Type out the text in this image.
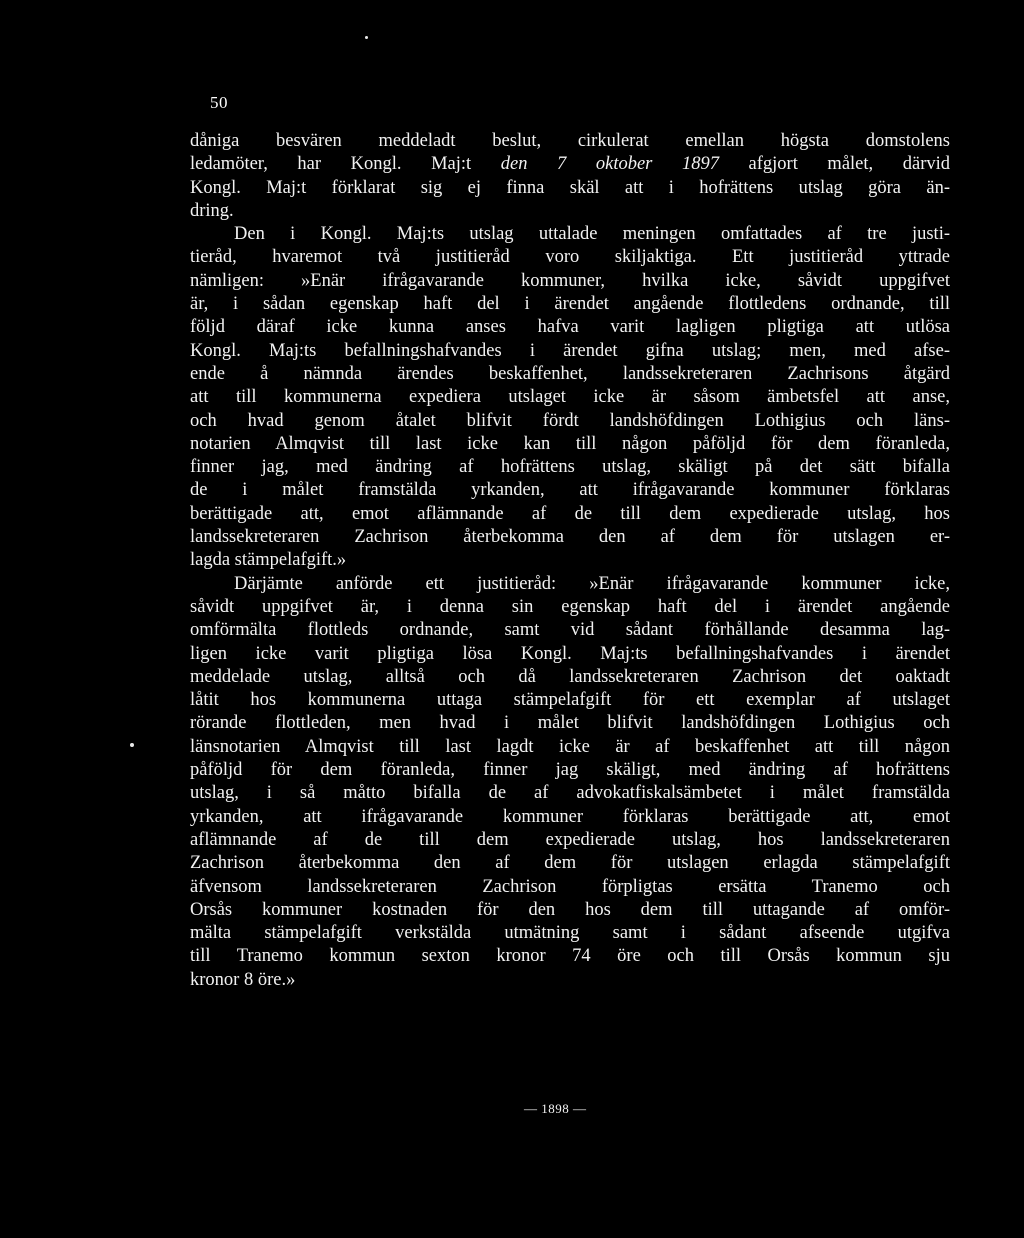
50
dåniga besvären meddeladt beslut, cirkulerat emellan högsta domstolens
ledamöter, har Kongl. Maj:t den 7 oktober 1897 afgjort målet, därvid
Kongl. Maj:t förklarat sig ej finna skäl att i hofrättens utslag göra än-
dring.
Den i Kongl. Maj:ts utslag uttalade meningen omfattades af tre justi-
tieråd, hvaremot två justitieråd voro skiljaktiga. Ett justitieråd yttrade
nämligen: »Enär ifrågavarande kommuner, hvilka icke, såvidt uppgifvet
är, i sådan egenskap haft del i ärendet angående flottledens ordnande, till
följd däraf icke kunna anses hafva varit lagligen pligtiga att utlösa
Kongl. Maj:ts befallningshafvandes i ärendet gifna utslag; men, med afse-
ende å nämnda ärendes beskaffenhet, landssekreteraren Zachrisons åtgärd
att till kommunerna expediera utslaget icke är såsom ämbetsfel att anse,
och hvad genom åtalet blifvit fördt landshöfdingen Lothigius och läns-
notarien Almqvist till last icke kan till någon påföljd för dem föranleda,
finner jag, med ändring af hofrättens utslag, skäligt på det sätt bifalla
de i målet framstälda yrkanden, att ifrågavarande kommuner förklaras
berättigade att, emot aflämnande af de till dem expedierade utslag, hos
landssekreteraren Zachrison återbekomma den af dem för utslagen er-
lagda stämpelafgift.»
Därjämte anförde ett justitieråd: »Enär ifrågavarande kommuner icke,
såvidt uppgifvet är, i denna sin egenskap haft del i ärendet angående
omförmälta flottleds ordnande, samt vid sådant förhållande desamma lag-
ligen icke varit pligtiga lösa Kongl. Maj:ts befallningshafvandes i ärendet
meddelade utslag, alltså och då landssekreteraren Zachrison det oaktadt
låtit hos kommunerna uttaga stämpelafgift för ett exemplar af utslaget
rörande flottleden, men hvad i målet blifvit landshöfdingen Lothigius och
länsnotarien Almqvist till last lagdt icke är af beskaffenhet att till någon
påföljd för dem föranleda, finner jag skäligt, med ändring af hofrättens
utslag, i så måtto bifalla de af advokatfiskalsämbetet i målet framstälda
yrkanden, att ifrågavarande kommuner förklaras berättigade att, emot
aflämnande af de till dem expedierade utslag, hos landssekreteraren
Zachrison återbekomma den af dem för utslagen erlagda stämpelafgift
äfvensom landssekreteraren Zachrison förpligtas ersätta Tranemo och
Orsås kommuner kostnaden för den hos dem till uttagande af omför-
mälta stämpelafgift verkstälda utmätning samt i sådant afseende utgifva
till Tranemo kommun sexton kronor 74 öre och till Orsås kommun sju
kronor 8 öre.»
— 1898 —
